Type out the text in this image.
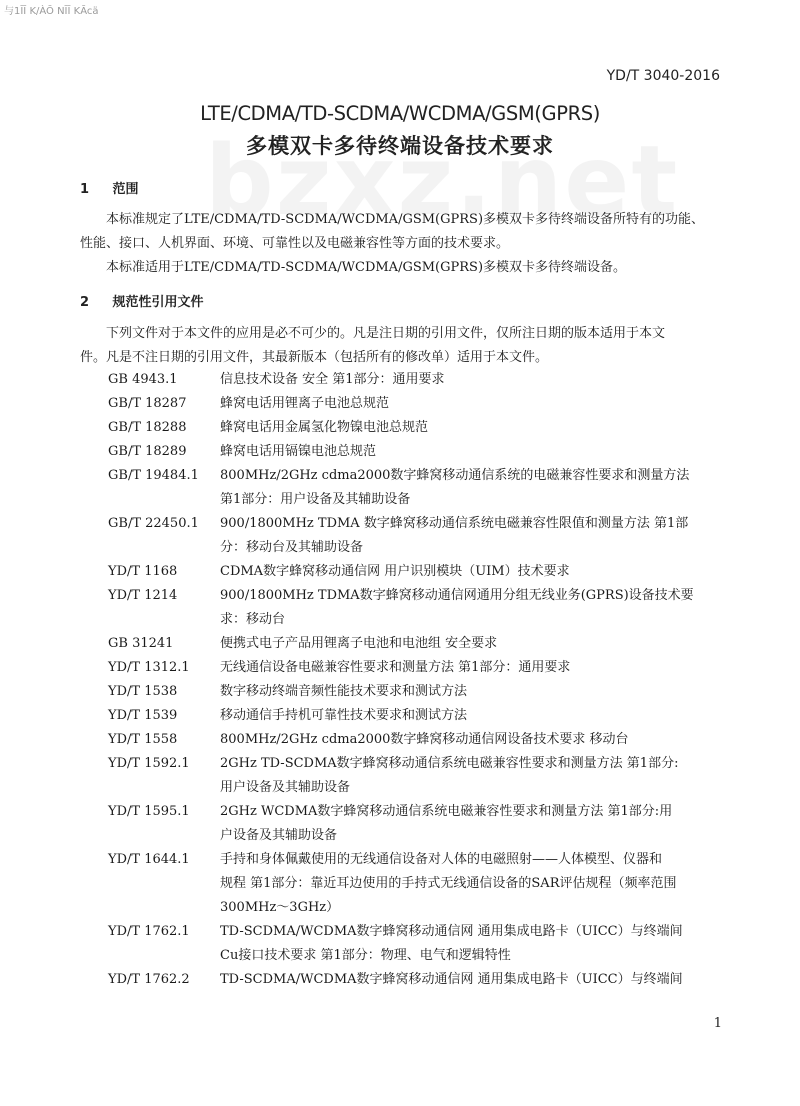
与1ĪĪ K/ÀŌ NĪĪ KĀcä
YD/T 3040-2016
LTE/CDMA/TD-SCDMA/WCDMA/GSM(GPRS)
多模双卡多待终端设备技术要求
1 范围
本标准规定了LTE/CDMA/TD-SCDMA/WCDMA/GSM(GPRS)多模双卡多待终端设备所特有的功能、
性能、接口、人机界面、环境、可靠性以及电磁兼容性等方面的技术要求。
本标准适用于LTE/CDMA/TD-SCDMA/WCDMA/GSM(GPRS)多模双卡多待终端设备。
2 规范性引用文件
下列文件对于本文件的应用是必不可少的。凡是注日期的引用文件，仅所注日期的版本适用于本文
件。凡是不注日期的引用文件，其最新版本（包括所有的修改单）适用于本文件。
GB 4943.1	信息技术设备 安全 第1部分：通用要求
GB/T 18287	蜂窝电话用锂离子电池总规范
GB/T 18288	蜂窝电话用金属氢化物镍电池总规范
GB/T 18289	蜂窝电话用镉镍电池总规范
GB/T 19484.1 800MHz/2GHz cdma2000数字蜂窝移动通信系统的电磁兼容性要求和测量方法
第1部分：用户设备及其辅助设备
GB/T 22450.1 900/1800MHz TDMA 数字蜂窝移动通信系统电磁兼容性限值和测量方法 第1部
分：移动台及其辅助设备
YD/T 1168	CDMA数字蜂窝移动通信网 用户识别模块（UIM）技术要求
YD/T 1214	900/1800MHz TDMA数字蜂窝移动通信网通用分组无线业务(GPRS)设备技术要
求：移动台
GB 31241	便携式电子产品用锂离子电池和电池组 安全要求
YD/T 1312.1 无线通信设备电磁兼容性要求和测量方法 第1部分：通用要求
YD/T 1538	数字移动终端音频性能技术要求和测试方法
YD/T 1539	移动通信手持机可靠性技术要求和测试方法
YD/T 1558	800MHz/2GHz cdma2000数字蜂窝移动通信网设备技术要求 移动台
YD/T 1592.1 2GHz TD-SCDMA数字蜂窝移动通信系统电磁兼容性要求和测量方法 第1部分:
用户设备及其辅助设备
YD/T 1595.1 2GHz WCDMA数字蜂窝移动通信系统电磁兼容性要求和测量方法 第1部分:用
户设备及其辅助设备
YD/T 1644.1 手持和身体佩戴使用的无线通信设备对人体的电磁照射——人体模型、仪器和
规程 第1部分：靠近耳边使用的手持式无线通信设备的SAR评估规程（频率范围
300MHz～3GHz）
YD/T 1762.1 TD-SCDMA/WCDMA数字蜂窝移动通信网 通用集成电路卡（UICC）与终端间
Cu接口技术要求 第1部分：物理、电气和逻辑特性
YD/T 1762.2 TD-SCDMA/WCDMA数字蜂窝移动通信网 通用集成电路卡（UICC）与终端间
1
